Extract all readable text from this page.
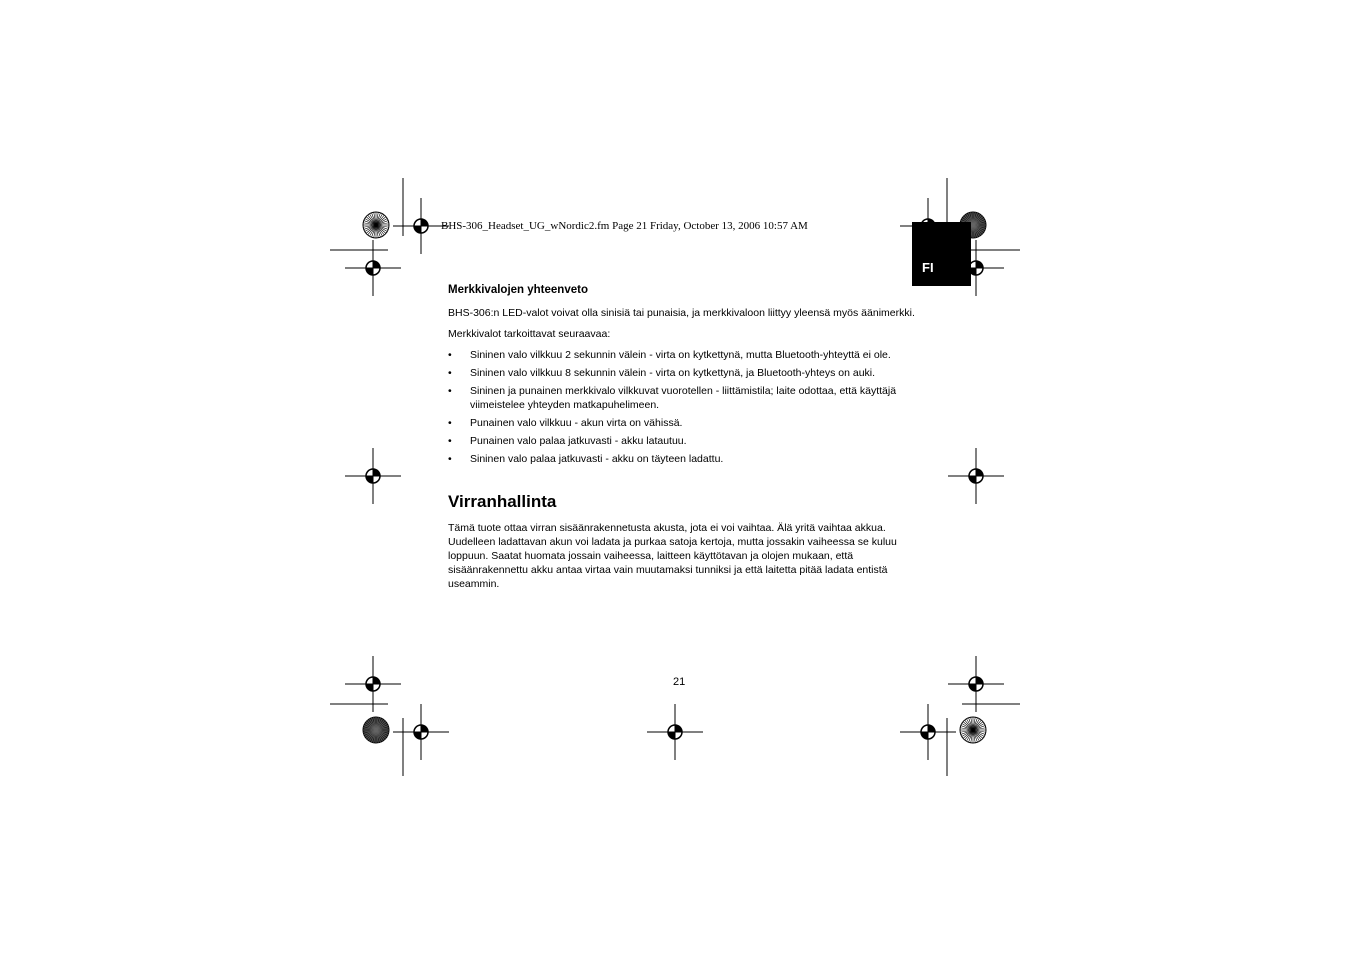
BHS-306_Headset_UG_wNordic2.fm Page 21 Friday, October 13, 2006 10:57 AM
FI
Merkkivalojen yhteenveto

BHS-306:n LED-valot voivat olla sinisiä tai punaisia, ja merkkivaloon liittyy yleensä myös äänimerkki.

Merkkivalot tarkoittavat seuraavaa:

• Sininen valo vilkkuu 2 sekunnin välein - virta on kytkettynä, mutta Bluetooth-yhteyttä ei ole.
• Sininen valo vilkkuu 8 sekunnin välein - virta on kytkettynä, ja Bluetooth-yhteys on auki.
• Sininen ja punainen merkkivalo vilkkuvat vuorotellen - liittämistila; laite odottaa, että käyttäjä viimeistelee yhteyden matkapuhelimeen.
• Punainen valo vilkkuu - akun virta on vähissä.
• Punainen valo palaa jatkuvasti - akku latautuu.
• Sininen valo palaa jatkuvasti - akku on täyteen ladattu.
Virranhallinta

Tämä tuote ottaa virran sisäänrakennetusta akusta, jota ei voi vaihtaa. Älä yritä vaihtaa akkua. Uudelleen ladattavan akun voi ladata ja purkaa satoja kertoja, mutta jossakin vaiheessa se kuluu loppuun. Saatat huomata jossain vaiheessa, laitteen käyttötavan ja olojen mukaan, että sisäänrakennettu akku antaa virtaa vain muutamaksi tunniksi ja että laitetta pitää ladata entistä useammin.

21
